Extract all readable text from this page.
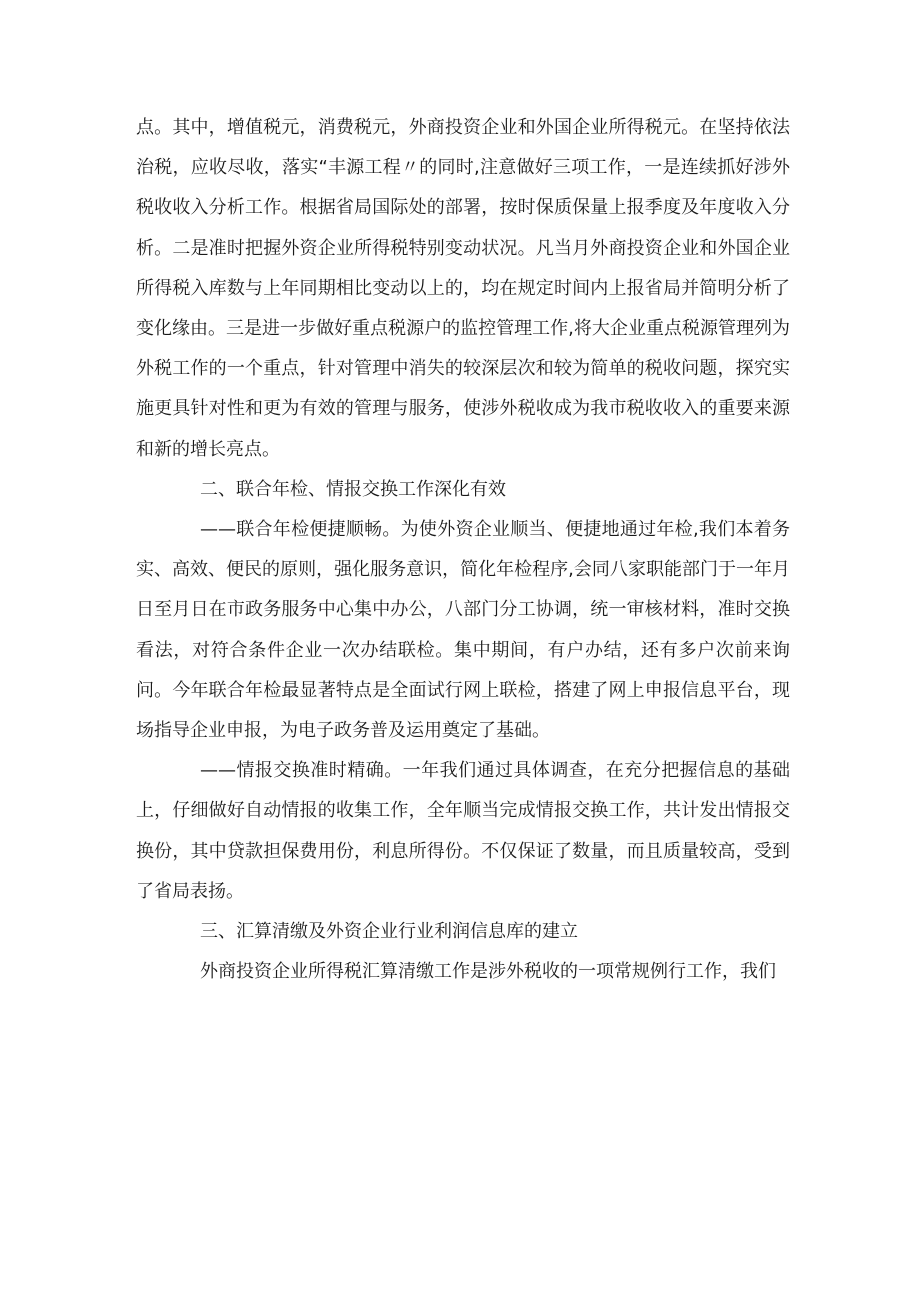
点。其中，增值税元，消费税元，外商投资企业和外国企业所得税元。在坚持依法治税，应收尽收，落实“丰源工程〃的同时,注意做好三项工作，一是连续抓好涉外税收收入分析工作。根据省局国际处的部署，按时保质保量上报季度及年度收入分析。二是准时把握外资企业所得税特别变动状况。凡当月外商投资企业和外国企业所得税入库数与上年同期相比变动以上的，均在规定时间内上报省局并简明分析了变化缘由。三是进一步做好重点税源户的监控管理工作,将大企业重点税源管理列为外税工作的一个重点，针对管理中消失的较深层次和较为简单的税收问题，探究实施更具针对性和更为有效的管理与服务，使涉外税收成为我市税收收入的重要来源和新的增长亮点。

二、联合年检、情报交换工作深化有效

——联合年检便捷顺畅。为使外资企业顺当、便捷地通过年检,我们本着务实、高效、便民的原则，强化服务意识，简化年检程序,会同八家职能部门于一年月日至月日在市政务服务中心集中办公，八部门分工协调，统一审核材料，准时交换看法，对符合条件企业一次办结联检。集中期间，有户办结，还有多户次前来询问。今年联合年检最显著特点是全面试行网上联检，搭建了网上申报信息平台，现场指导企业申报，为电子政务普及运用奠定了基础。

——情报交换准时精确。一年我们通过具体调查，在充分把握信息的基础上，仔细做好自动情报的收集工作，全年顺当完成情报交换工作，共计发出情报交换份，其中贷款担保费用份，利息所得份。不仅保证了数量，而且质量较高，受到了省局表扬。

三、汇算清缴及外资企业行业利润信息库的建立

外商投资企业所得税汇算清缴工作是涉外税收的一项常规例行工作，我们
